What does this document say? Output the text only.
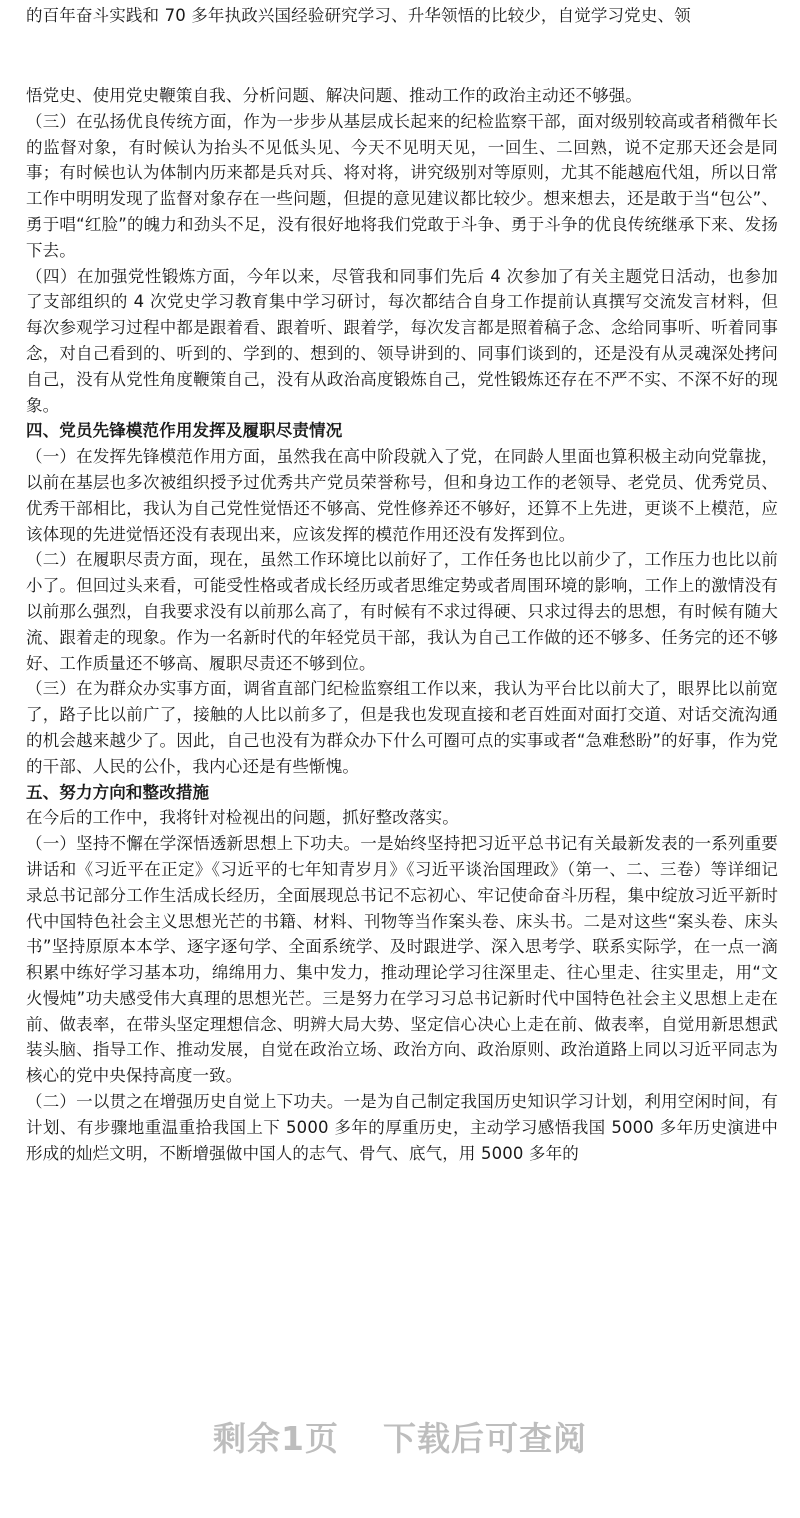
的百年奋斗实践和 70 多年执政兴国经验研究学习、升华领悟的比较少，自觉学习党史、领

悟党史、使用党史鞭策自我、分析问题、解决问题、推动工作的政治主动还不够强。

（三）在弘扬优良传统方面，作为一步步从基层成长起来的纪检监察干部，面对级别较高或者稍微年长的监督对象，有时候认为抬头不见低头见、今天不见明天见，一回生、二回熟，说不定那天还会是同事；有时候也认为体制内历来都是兵对兵、将对将，讲究级别对等原则，尤其不能越庖代俎，所以日常工作中明明发现了监督对象存在一些问题，但提的意见建议都比较少。想来想去，还是敢于当“包公”、勇于唱“红脸”的魄力和劲头不足，没有很好地将我们党敢于斗争、勇于斗争的优良传统继承下来、发扬下去。

（四）在加强党性锻炼方面，今年以来，尽管我和同事们先后 4 次参加了有关主题党日活动，也参加了支部组织的 4 次党史学习教育集中学习研讨，每次都结合自身工作提前认真撰写交流发言材料，但每次参观学习过程中都是跟着看、跟着听、跟着学，每次发言都是照着稿子念、念给同事听、听着同事念，对自己看到的、听到的、学到的、想到的、领导讲到的、同事们谈到的，还是没有从灵魂深处拷问自己，没有从党性角度鞭策自己，没有从政治高度锻炼自己，党性锻炼还存在不严不实、不深不好的现象。

四、党员先锋模范作用发挥及履职尽责情况

（一）在发挥先锋模范作用方面，虽然我在高中阶段就入了党，在同龄人里面也算积极主动向党靠拢，以前在基层也多次被组织授予过优秀共产党员荣誉称号，但和身边工作的老领导、老党员、优秀党员、优秀干部相比，我认为自己党性觉悟还不够高、党性修养还不够好，还算不上先进，更谈不上模范，应该体现的先进觉悟还没有表现出来，应该发挥的模范作用还没有发挥到位。

（二）在履职尽责方面，现在，虽然工作环境比以前好了，工作任务也比以前少了，工作压力也比以前小了。但回过头来看，可能受性格或者成长经历或者思维定势或者周围环境的影响，工作上的激情没有以前那么强烈，自我要求没有以前那么高了，有时候有不求过得硬、只求过得去的思想，有时候有随大流、跟着走的现象。作为一名新时代的年轻党员干部，我认为自己工作做的还不够多、任务完的还不够好、工作质量还不够高、履职尽责还不够到位。

（三）在为群众办实事方面，调省直部门纪检监察组工作以来，我认为平台比以前大了，眼界比以前宽了，路子比以前广了，接触的人比以前多了，但是我也发现直接和老百姓面对面打交道、对话交流沟通的机会越来越少了。因此，自己也没有为群众办下什么可圈可点的实事或者“急难愁盼”的好事，作为党的干部、人民的公仆，我内心还是有些惭愧。

五、努力方向和整改措施

在今后的工作中，我将针对检视出的问题，抓好整改落实。

（一）坚持不懈在学深悟透新思想上下功夫。一是始终坚持把习近平总书记有关最新发表的一系列重要讲话和《习近平在正定》《习近平的七年知青岁月》《习近平谈治国理政》（第一、二、三卷）等详细记录总书记部分工作生活成长经历，全面展现总书记不忘初心、牢记使命奋斗历程，集中绽放习近平新时代中国特色社会主义思想光芒的书籍、材料、刊物等当作案头卷、床头书。二是对这些“案头卷、床头书”坚持原原本本学、逐字逐句学、全面系统学、及时跟进学、深入思考学、联系实际学，在一点一滴积累中练好学习基本功，绵绵用力、集中发力，推动理论学习往深里走、往心里走、往实里走，用“文火慢炖”功夫感受伟大真理的思想光芒。三是努力在学习习总书记新时代中国特色社会主义思想上走在前、做表率，在带头坚定理想信念、明辨大局大势、坚定信心决心上走在前、做表率，自觉用新思想武装头脑、指导工作、推动发展，自觉在政治立场、政治方向、政治原则、政治道路上同以习近平同志为核心的党中央保持高度一致。

（二）一以贯之在增强历史自觉上下功夫。一是为自己制定我国历史知识学习计划，利用空闲时间，有计划、有步骤地重温重拾我国上下 5000 多年的厚重历史，主动学习感悟我国 5000 多年历史演进中形成的灿烂文明，不断增强做中国人的志气、骨气、底气，用 5000 多年的

剩余1页 下载后可查阅
